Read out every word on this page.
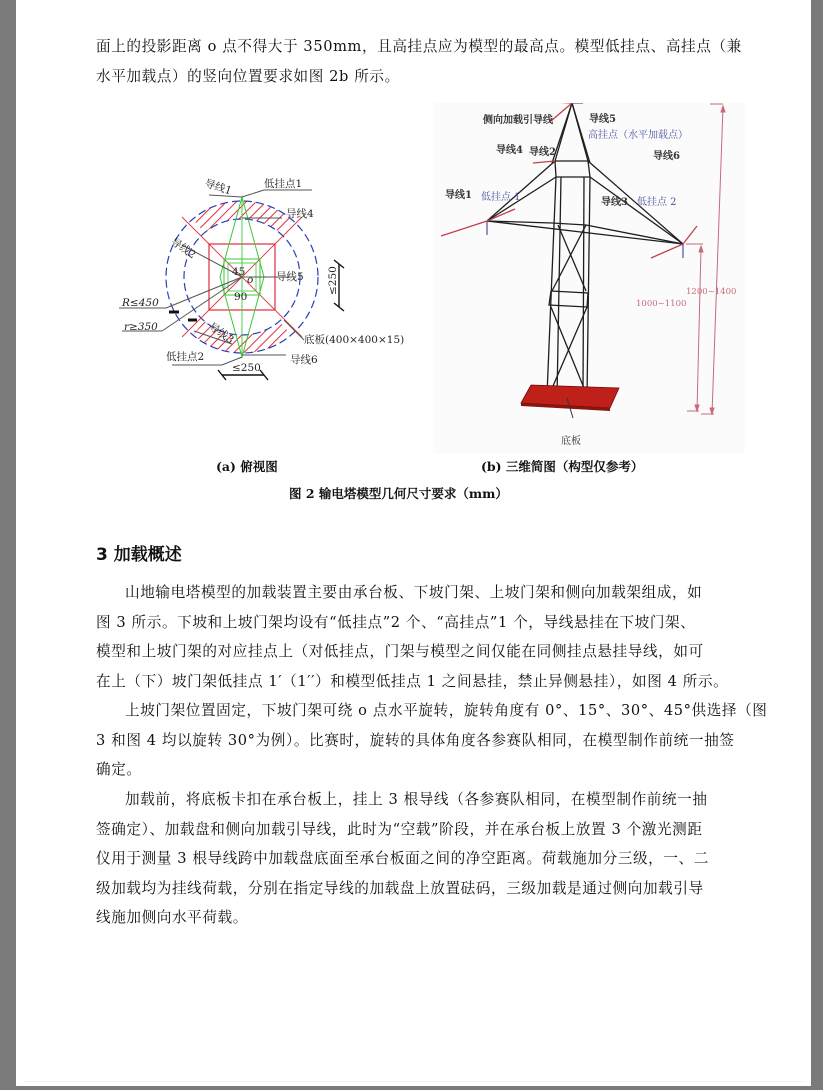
面上的投影距离 o 点不得大于 350mm，且高挂点应为模型的最高点。模型低挂点、高挂点（兼
水平加载点）的竖向位置要求如图 2b 所示。
导线1	低挂点1
导线4
导线2
45
o 导线5
90
≤250
R≤450
r≥350	导线3	底板(400×400×15)
低挂点2	导线6
≤250
侧向加载引导线	导线5
高挂点（水平加载点）
导线4 导线2	导线6
导线1 低挂点 1	导线3 低挂点 2
1000~1100
1200~1400
底板
(a) 俯视图	(b) 三维简图（构型仅参考）
图 2 输电塔模型几何尺寸要求（mm）
3 加载概述
山地输电塔模型的加载装置主要由承台板、下坡门架、上坡门架和侧向加载架组成，如
图 3 所示。下坡和上坡门架均设有“低挂点”2 个、“高挂点”1 个，导线悬挂在下坡门架、
模型和上坡门架的对应挂点上（对低挂点，门架与模型之间仅能在同侧挂点悬挂导线，如可
在上（下）坡门架低挂点 1′（1′′）和模型低挂点 1 之间悬挂，禁止异侧悬挂），如图 4 所示。
上坡门架位置固定，下坡门架可绕 o 点水平旋转，旋转角度有 0°、15°、30°、45°供选择（图
3 和图 4 均以旋转 30°为例）。比赛时，旋转的具体角度各参赛队相同，在模型制作前统一抽签
确定。
加载前，将底板卡扣在承台板上，挂上 3 根导线（各参赛队相同，在模型制作前统一抽
签确定）、加载盘和侧向加载引导线，此时为“空载”阶段，并在承台板上放置 3 个激光测距
仪用于测量 3 根导线跨中加载盘底面至承台板面之间的净空距离。荷载施加分三级，一、二
级加载均为挂线荷载，分别在指定导线的加载盘上放置砝码，三级加载是通过侧向加载引导
线施加侧向水平荷载。
